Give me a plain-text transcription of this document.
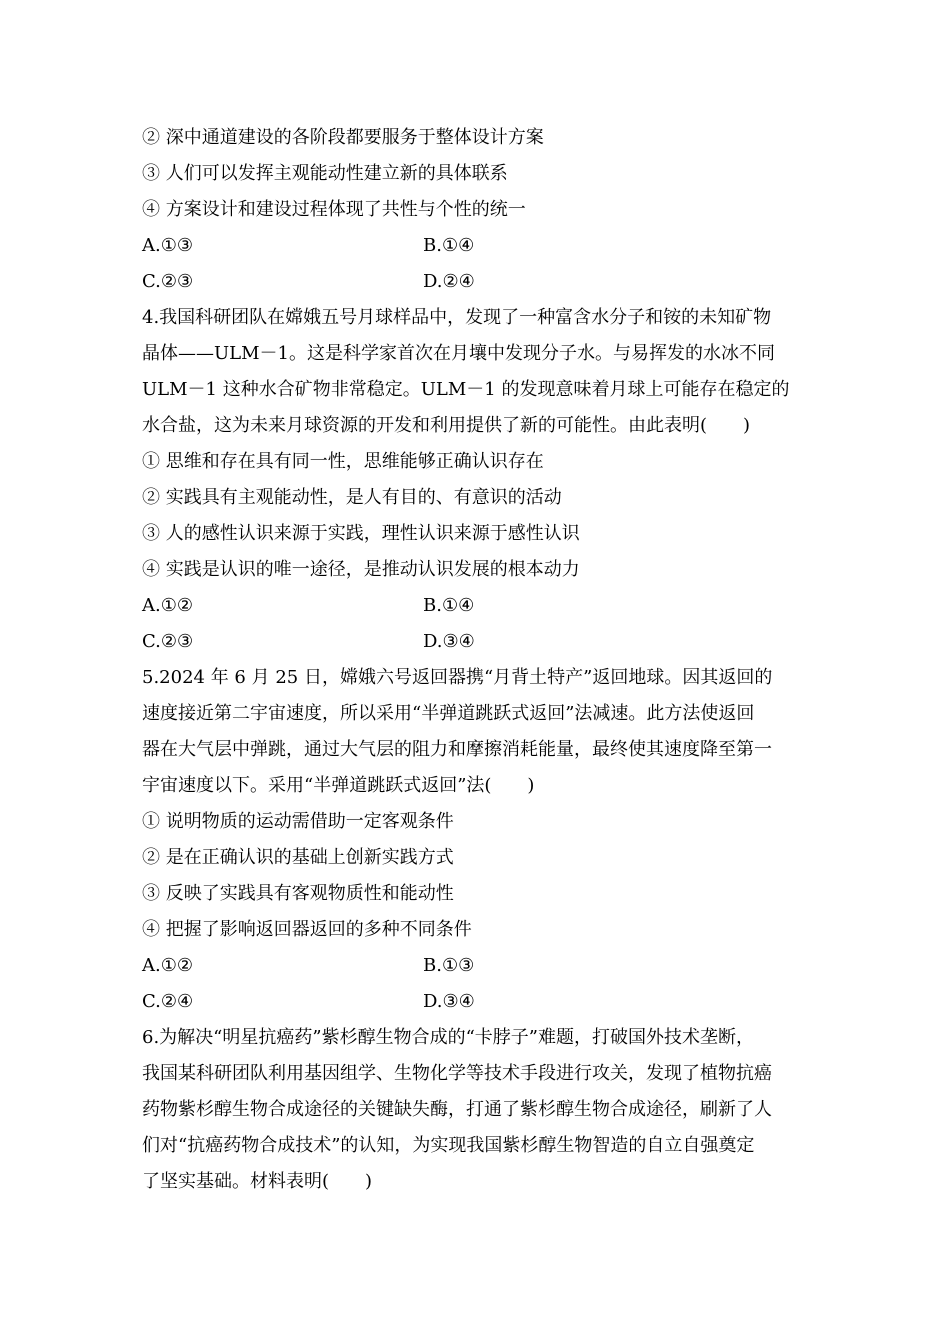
② 深中通道建设的各阶段都要服务于整体设计方案
③ 人们可以发挥主观能动性建立新的具体联系
④ 方案设计和建设过程体现了共性与个性的统一
A.①③	B.①④
C.②③	D.②④
4.我国科研团队在嫦娥五号月球样品中，发现了一种富含水分子和铵的未知矿物
晶体——ULM－1。这是科学家首次在月壤中发现分子水。与易挥发的水冰不同
ULM－1 这种水合矿物非常稳定。ULM－1 的发现意味着月球上可能存在稳定的
水合盐，这为未来月球资源的开发和利用提供了新的可能性。由此表明(　　)
① 思维和存在具有同一性，思维能够正确认识存在
② 实践具有主观能动性，是人有目的、有意识的活动
③ 人的感性认识来源于实践，理性认识来源于感性认识
④ 实践是认识的唯一途径，是推动认识发展的根本动力
A.①②	B.①④
C.②③	D.③④
5.2024 年 6 月 25 日，嫦娥六号返回器携“月背土特产”返回地球。因其返回的
速度接近第二宇宙速度，所以采用“半弹道跳跃式返回”法减速。此方法使返回
器在大气层中弹跳，通过大气层的阻力和摩擦消耗能量，最终使其速度降至第一
宇宙速度以下。采用“半弹道跳跃式返回”法(　　)
① 说明物质的运动需借助一定客观条件
② 是在正确认识的基础上创新实践方式
③ 反映了实践具有客观物质性和能动性
④ 把握了影响返回器返回的多种不同条件
A.①②	B.①③
C.②④	D.③④
6.为解决“明星抗癌药”紫杉醇生物合成的“卡脖子”难题，打破国外技术垄断，
我国某科研团队利用基因组学、生物化学等技术手段进行攻关，发现了植物抗癌
药物紫杉醇生物合成途径的关键缺失酶，打通了紫杉醇生物合成途径，刷新了人
们对“抗癌药物合成技术”的认知，为实现我国紫杉醇生物智造的自立自强奠定
了坚实基础。材料表明(　　)
